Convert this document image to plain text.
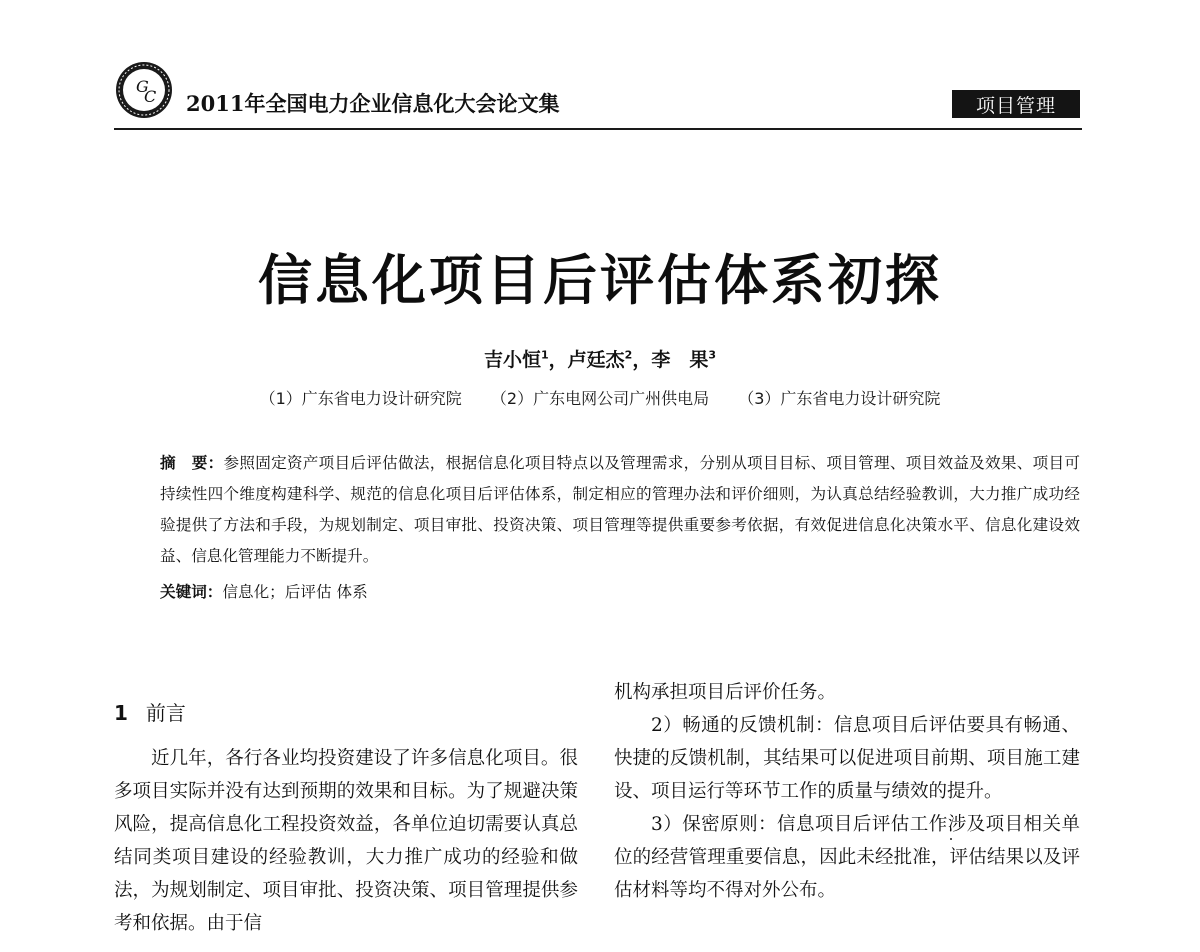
G
C 2011年全国电力企业信息化大会论文集	项目管理
信息化项目后评估体系初探
吉小恒$^1$，卢廷杰$^2$，李　果$^3$
（1）广东省电力设计研究院 （2）广东电网公司广州供电局 （3）广东省电力设计研究院
摘　要：参照固定资产项目后评估做法，根据信息化项目特点以及管理需求，分别从项目目标、项目管理、项目效益及效果、项目可持续性四个维度构建科学、规范的信息化项目后评估体系，制定相应的管理办法和评价细则，为认真总结经验教训，大力推广成功经验提供了方法和手段，为规划制定、项目审批、投资决策、项目管理等提供重要参考依据，有效促进信息化决策水平、信息化建设效益、信息化管理能力不断提升。
关键词：信息化；后评估 体系
1 前言

近几年，各行各业均投资建设了许多信息化项目。很多项目实际并没有达到预期的效果和目标。为了规避决策风险，提高信息化工程投资效益，各单位迫切需要认真总结同类项目建设的经验教训，大力推广成功的经验和做法，为规划制定、项目审批、投资决策、项目管理提供参考和依据。由于信

机构承担项目后评价任务。

2）畅通的反馈机制：信息项目后评估要具有畅通、快捷的反馈机制，其结果可以促进项目前期、项目施工建设、项目运行等环节工作的质量与绩效的提升。

3）保密原则：信息项目后评估工作涉及项目相关单位的经营管理重要信息，因此未经批准，评估结果以及评估材料等均不得对外公布。
